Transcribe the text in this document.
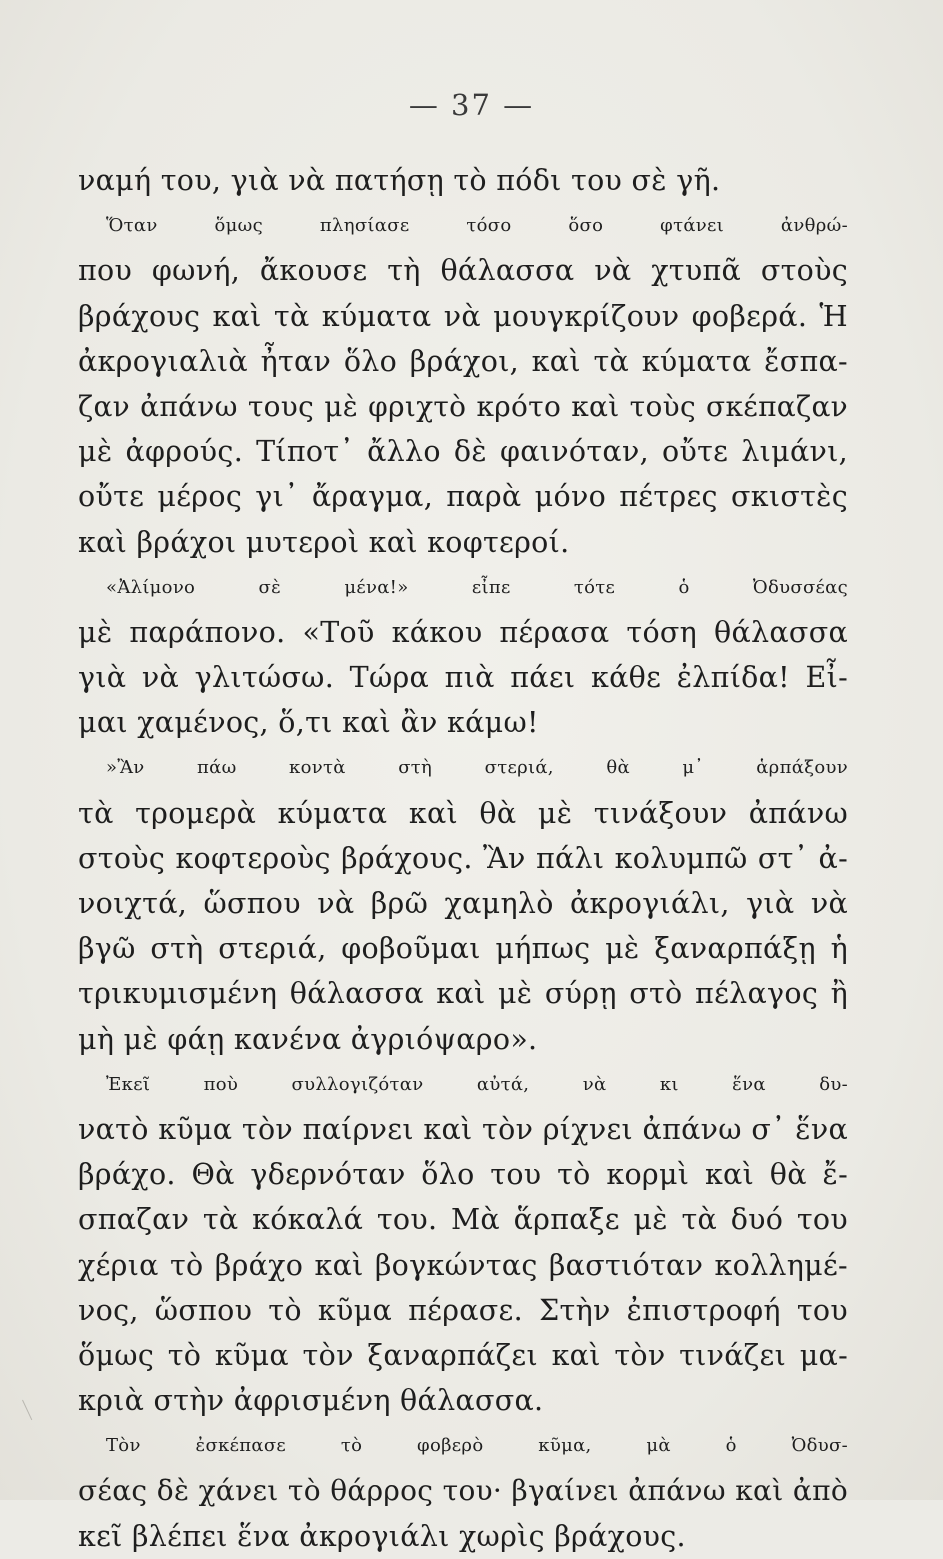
— 37 —
ναμή του, γιὰ νὰ πατήσῃ τὸ πόδι του σὲ γῆ.
Ὅταν ὅμως πλησίασε τόσο ὅσο φτάνει ἀνθρώ-
που φωνή, ἄκουσε τὴ θάλασσα νὰ χτυπᾶ στοὺς
βράχους καὶ τὰ κύματα νὰ μουγκρίζουν φοβερά. Ἡ
ἀκρογιαλιὰ ἦταν ὅλο βράχοι, καὶ τὰ κύματα ἔσπα-
ζαν ἀπάνω τους μὲ φριχτὸ κρότο καὶ τοὺς σκέπαζαν
μὲ ἀφρούς. Τίποτ᾽ ἄλλο δὲ φαινόταν, οὔτε λιμάνι,
οὔτε μέρος γι᾽ ἄραγμα, παρὰ μόνο πέτρες σκιστὲς
καὶ βράχοι μυτεροὶ καὶ κοφτεροί.
«Ἀλίμονο σὲ μένα!» εἶπε τότε ὁ Ὀδυσσέας
μὲ παράπονο. «Τοῦ κάκου πέρασα τόση θάλασσα
γιὰ νὰ γλιτώσω. Τώρα πιὰ πάει κάθε ἐλπίδα! Εἶ-
μαι χαμένος, ὅ,τι καὶ ἂν κάμω!
»Ἂν πάω κοντὰ στὴ στεριά, θὰ μ᾽ ἁρπάξουν
τὰ τρομερὰ κύματα καὶ θὰ μὲ τινάξουν ἀπάνω
στοὺς κοφτεροὺς βράχους. Ἂν πάλι κολυμπῶ στ᾽ ἀ-
νοιχτά, ὥσπου νὰ βρῶ χαμηλὸ ἀκρογιάλι, γιὰ νὰ
βγῶ στὴ στεριά, φοβοῦμαι μήπως μὲ ξαναρπάξῃ ἡ
τρικυμισμένη θάλασσα καὶ μὲ σύρῃ στὸ πέλαγος ἢ
μὴ μὲ φάῃ κανένα ἀγριόψαρο».
Ἐκεῖ ποὺ συλλογιζόταν αὐτά, νὰ κι ἕνα δυ-
νατὸ κῦμα τὸν παίρνει καὶ τὸν ρίχνει ἀπάνω σ᾽ ἕνα
βράχο. Θὰ γδερνόταν ὅλο του τὸ κορμὶ καὶ θὰ ἔ-
σπαζαν τὰ κόκαλά του. Μὰ ἅρπαξε μὲ τὰ δυό του
χέρια τὸ βράχο καὶ βογκώντας βαστιόταν κολλημέ-
νος, ὥσπου τὸ κῦμα πέρασε. Στὴν ἐπιστροφή του
ὅμως τὸ κῦμα τὸν ξαναρπάζει καὶ τὸν τινάζει μα-
κριὰ στὴν ἀφρισμένη θάλασσα.
Τὸν ἐσκέπασε τὸ φοβερὸ κῦμα, μὰ ὁ Ὀδυσ-
σέας δὲ χάνει τὸ θάρρος του· βγαίνει ἀπάνω καὶ ἀπὸ
κεῖ βλέπει ἕνα ἀκρογιάλι χωρὶς βράχους.
